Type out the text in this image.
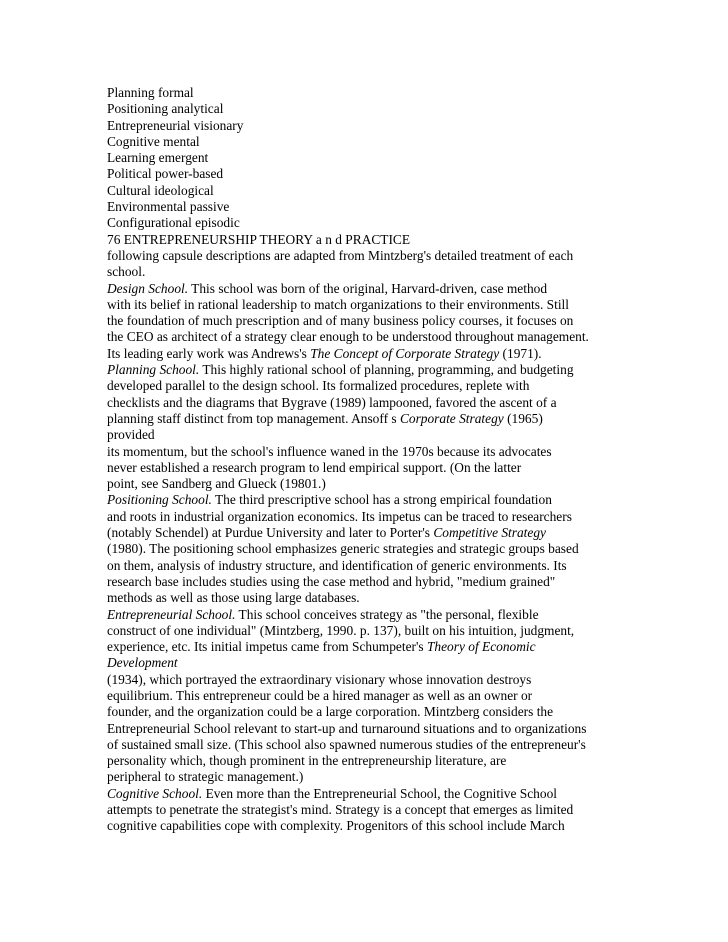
Planning formal
Positioning analytical
Entrepreneurial visionary
Cognitive mental
Learning emergent
Political power-based
Cultural ideological
Environmental passive
Configurational episodic
76 ENTREPRENEURSHIP THEORY a n d PRACTICE
following capsule descriptions are adapted from Mintzberg's detailed treatment of each
school.
Design School. This school was born of the original, Harvard-driven, case method
with its belief in rational leadership to match organizations to their environments. Still
the foundation of much prescription and of many business policy courses, it focuses on
the CEO as architect of a strategy clear enough to be understood throughout management.
Its leading early work was Andrews's The Concept of Corporate Strategy (1971).
Planning School. This highly rational school of planning, programming, and budgeting
developed parallel to the design school. Its formalized procedures, replete with
checklists and the diagrams that Bygrave (1989) lampooned, favored the ascent of a
planning staff distinct from top management. Ansoff s Corporate Strategy (1965)
provided
its momentum, but the school's influence waned in the 1970s because its advocates
never established a research program to lend empirical support. (On the latter
point, see Sandberg and Glueck (19801.)
Positioning School. The third prescriptive school has a strong empirical foundation
and roots in industrial organization economics. Its impetus can be traced to researchers
(notably Schendel) at Purdue University and later to Porter's Competitive Strategy
(1980). The positioning school emphasizes generic strategies and strategic groups based
on them, analysis of industry structure, and identification of generic environments. Its
research base includes studies using the case method and hybrid, "medium grained"
methods as well as those using large databases.
Entrepreneurial School. This school conceives strategy as "the personal, flexible
construct of one individual" (Mintzberg, 1990. p. 137), built on his intuition, judgment,
experience, etc. Its initial impetus came from Schumpeter's Theory of Economic
Development
(1934), which portrayed the extraordinary visionary whose innovation destroys
equilibrium. This entrepreneur could be a hired manager as well as an owner or
founder, and the organization could be a large corporation. Mintzberg considers the
Entrepreneurial School relevant to start-up and turnaround situations and to organizations
of sustained small size. (This school also spawned numerous studies of the entrepreneur's
personality which, though prominent in the entrepreneurship literature, are
peripheral to strategic management.)
Cognitive School. Even more than the Entrepreneurial School, the Cognitive School
attempts to penetrate the strategist's mind. Strategy is a concept that emerges as limited
cognitive capabilities cope with complexity. Progenitors of this school include March
